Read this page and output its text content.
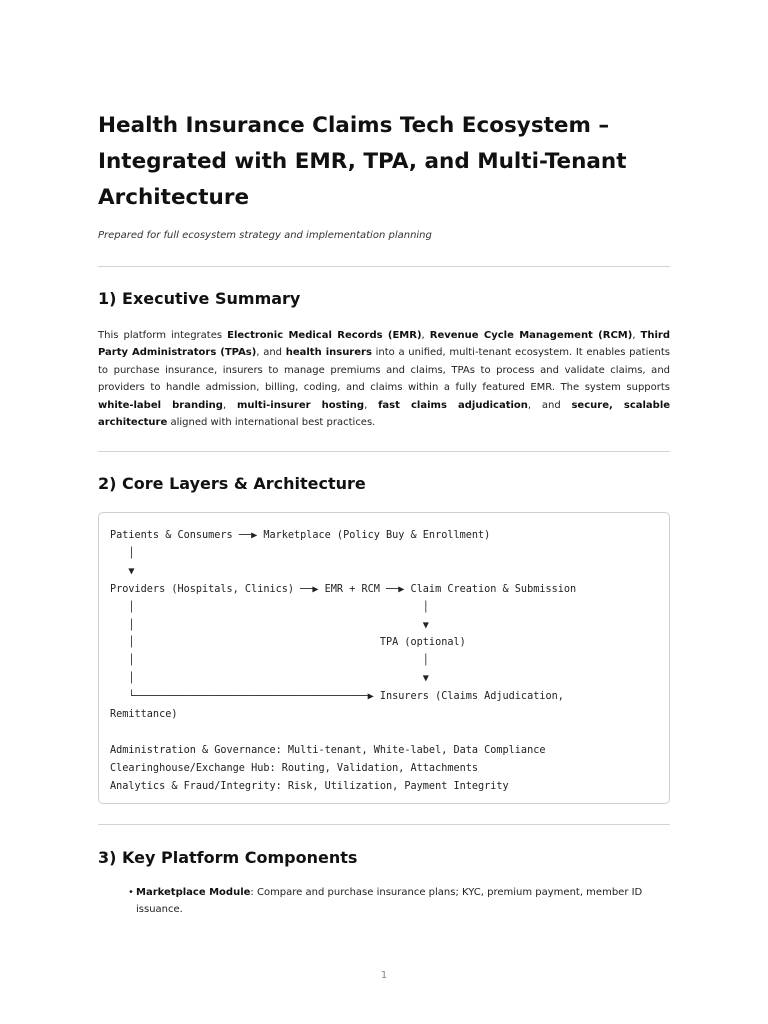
Health Insurance Claims Tech Ecosystem – Integrated with EMR, TPA, and Multi-Tenant Architecture

Prepared for full ecosystem strategy and implementation planning

1) Executive Summary

This platform integrates Electronic Medical Records (EMR), Revenue Cycle Management (RCM), Third Party Administrators (TPAs), and health insurers into a unified, multi-tenant ecosystem. It enables patients to purchase insurance, insurers to manage premiums and claims, TPAs to process and validate claims, and providers to handle admission, billing, coding, and claims within a fully featured EMR. The system supports white-label branding, multi-insurer hosting, fast claims adjudication, and secure, scalable architecture aligned with international best practices.

2) Core Layers & Architecture
Patients & Consumers ──▶ Marketplace (Policy Buy & Enrollment)
│
▼
Providers (Hospitals, Clinics) ──▶ EMR + RCM ──▶ Claim Creation & Submission
│                                               │
│                                               ▼
│                                        TPA (optional)
│                                               │
│                                               ▼
└──────────────────────────────────────▶ Insurers (Claims Adjudication,
Remittance)

Administration & Governance: Multi-tenant, White-label, Data Compliance
Clearinghouse/Exchange Hub: Routing, Validation, Attachments
Analytics & Fraud/Integrity: Risk, Utilization, Payment Integrity
3) Key Platform Components
• Marketplace Module: Compare and purchase insurance plans; KYC, premium payment, member ID issuance.
1
